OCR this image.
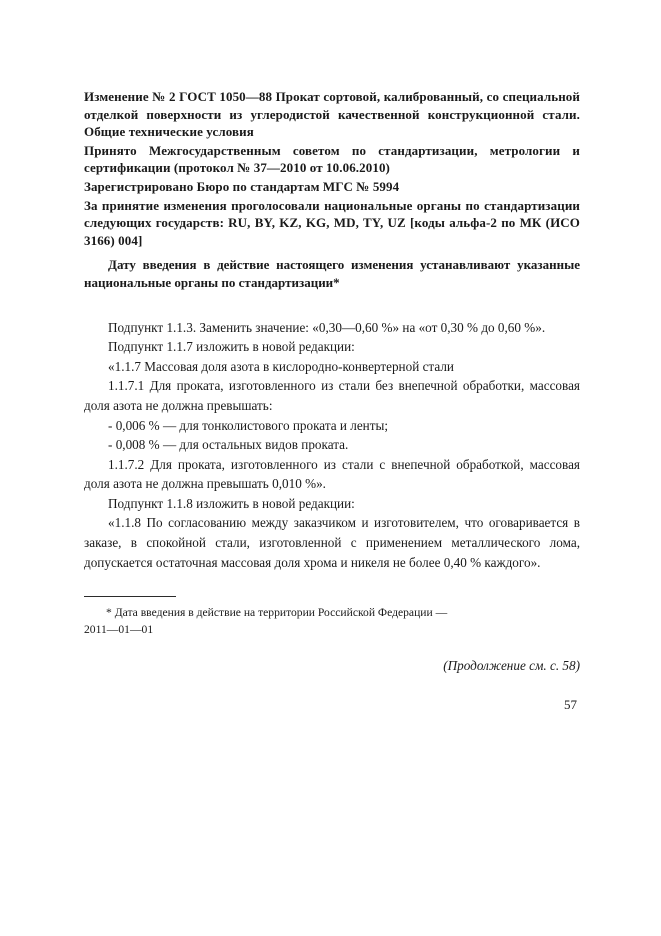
Изменение № 2 ГОСТ 1050—88 Прокат сортовой, калиброванный, со специальной отделкой поверхности из углеродистой качественной конструкционной стали. Общие технические условия

Принято Межгосударственным советом по стандартизации, метрологии и сертификации (протокол № 37—2010 от 10.06.2010)

Зарегистрировано Бюро по стандартам МГС № 5994

За принятие изменения проголосовали национальные органы по стандартизации следующих государств: RU, BY, KZ, KG, MD, TY, UZ [коды альфа-2 по МК (ИСО 3166) 004]

Дату введения в действие настоящего изменения устанавливают указанные национальные органы по стандартизации*

Подпункт 1.1.3. Заменить значение: «0,30—0,60 %» на «от 0,30 % до 0,60 %».

Подпункт 1.1.7 изложить в новой редакции:

«1.1.7 Массовая доля азота в кислородно-конвертерной стали

1.1.7.1 Для проката, изготовленного из стали без внепечной обработки, массовая доля азота не должна превышать:

- 0,006 % — для тонколистового проката и ленты;

- 0,008 % — для остальных видов проката.

1.1.7.2 Для проката, изготовленного из стали с внепечной обработкой, массовая доля азота не должна превышать 0,010 %».

Подпункт 1.1.8 изложить в новой редакции:

«1.1.8 По согласованию между заказчиком и изготовителем, что оговаривается в заказе, в спокойной стали, изготовленной с применением металлического лома, допускается остаточная массовая доля хрома и никеля не более 0,40 % каждого».

* Дата введения в действие на территории Российской Федерации —

2011—01—01

(Продолжение см. с. 58)
57
